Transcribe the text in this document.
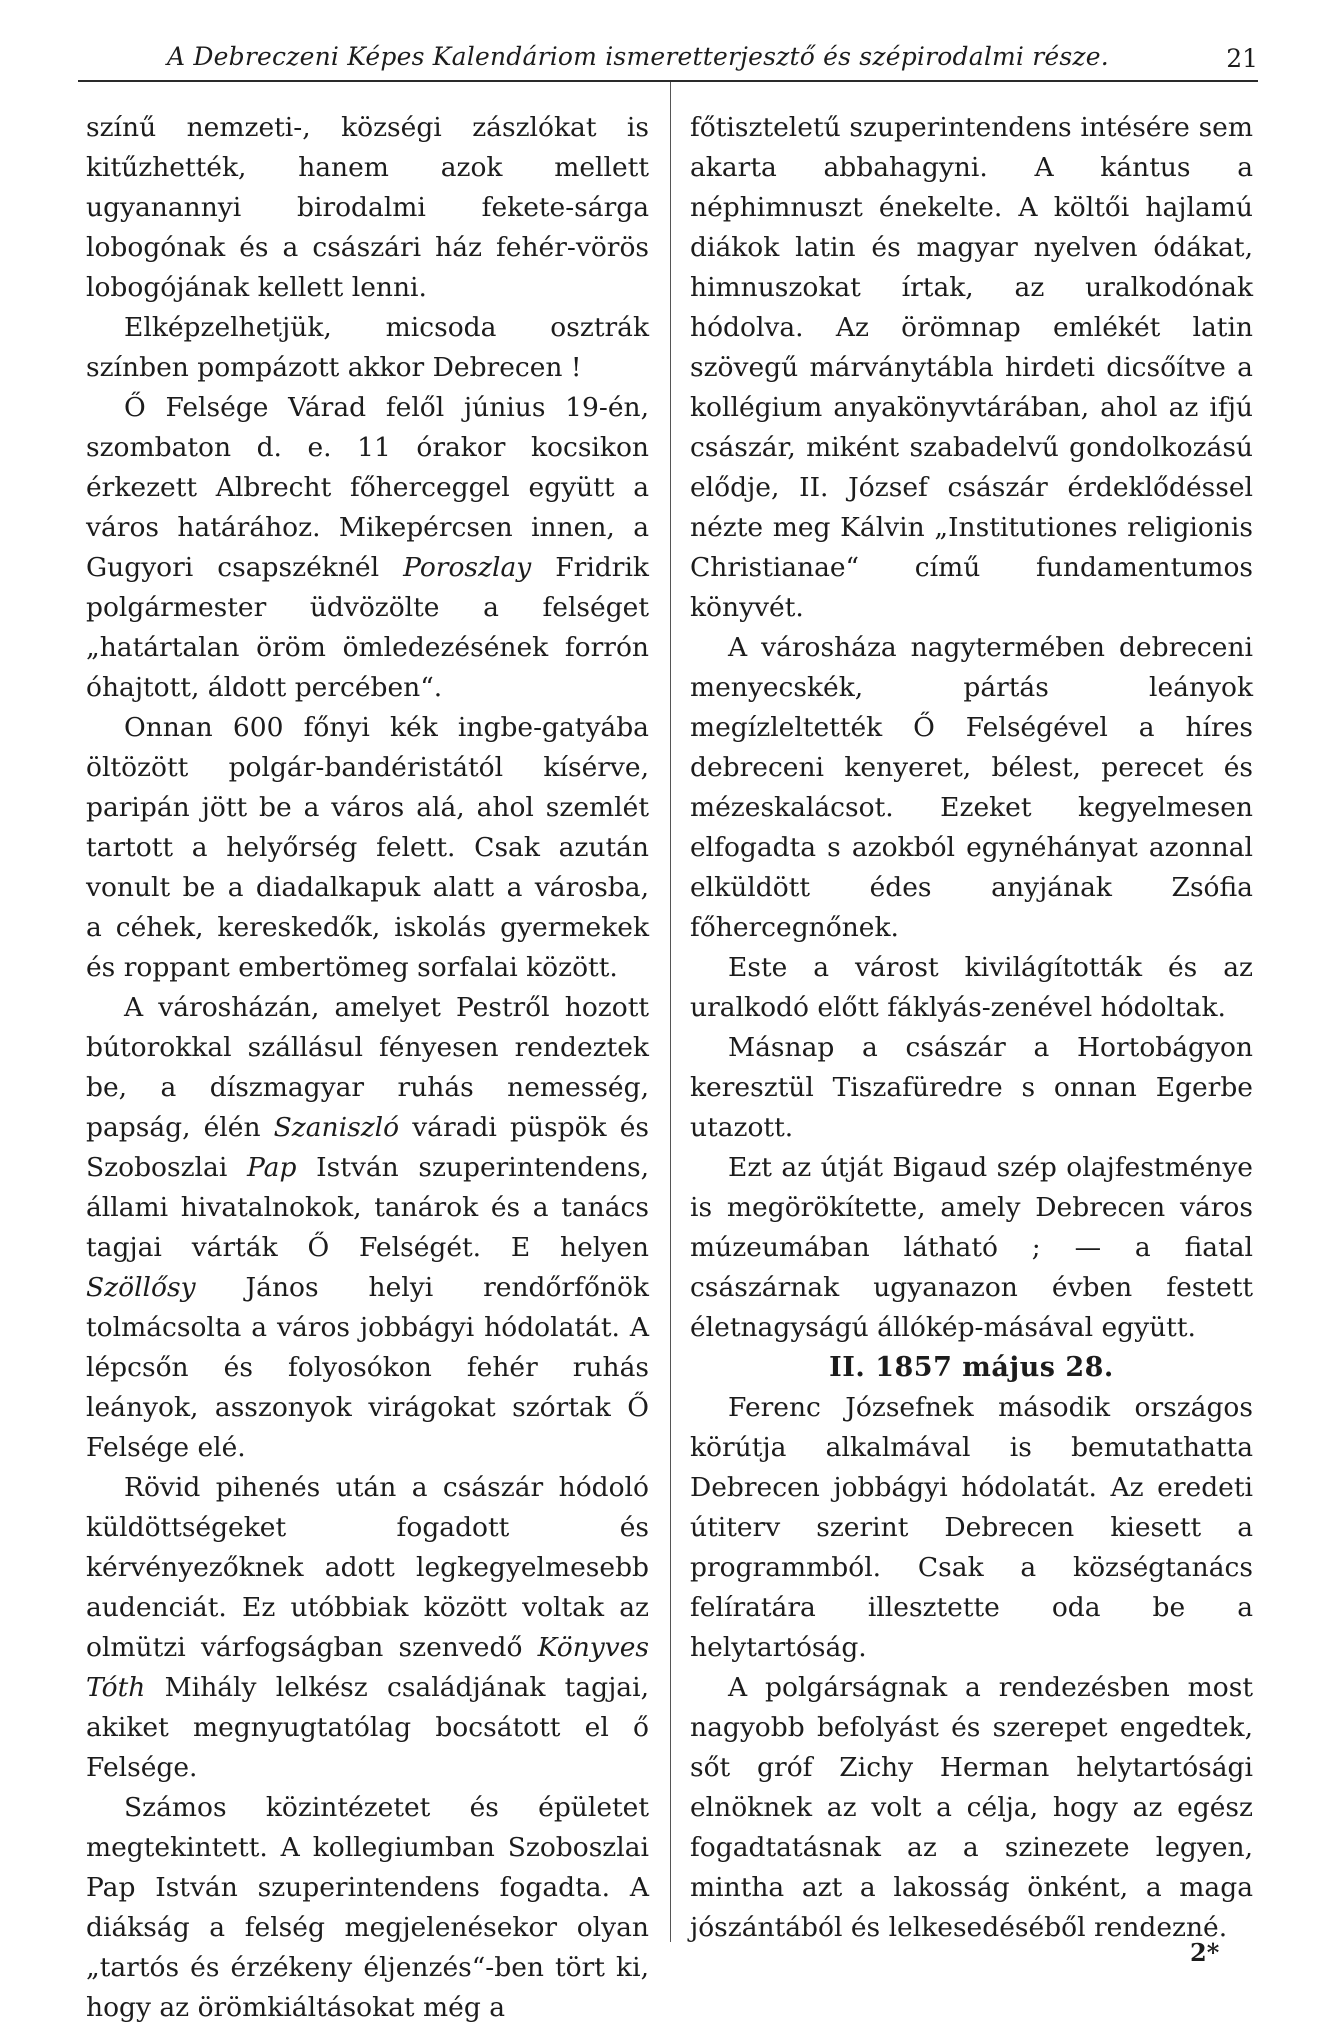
A Debreczeni Képes Kalendáriom ismeretterjesztő és szépirodalmi része.	21

színű nemzeti-, községi zászlókat is kitűzhették, hanem azok mellett ugyanannyi birodalmi fekete-sárga lobogónak és a császári ház fehér-vörös lobogójának kellett lenni.

Elképzelhetjük, micsoda osztrák színben pompázott akkor Debrecen !

Ő Felsége Várad felől június 19-én, szombaton d. e. 11 órakor kocsikon érkezett Albrecht főherceggel együtt a város határához. Mikepércsen innen, a Gugyori csapszéknél Poroszlay Fridrik polgármester üdvözölte a felséget „határtalan öröm ömledezésének forrón óhajtott, áldott percében“.

Onnan 600 főnyi kék ingbe-gatyába öltözött polgár-bandéristától kísérve, paripán jött be a város alá, ahol szemlét tartott a helyőrség felett. Csak azután vonult be a diadalkapuk alatt a városba, a céhek, kereskedők, iskolás gyermekek és roppant embertömeg sorfalai között.

A városházán, amelyet Pestről hozott bútorokkal szállásul fényesen rendeztek be, a díszmagyar ruhás nemesség, papság, élén Szaniszló váradi püspök és Szoboszlai Pap István szuperintendens, állami hivatalnokok, tanárok és a tanács tagjai várták Ő Felségét. E helyen Szöllősy János helyi rendőrfőnök tolmácsolta a város jobbágyi hódolatát. A lépcsőn és folyosókon fehér ruhás leányok, asszonyok virágokat szórtak Ő Felsége elé.

Rövid pihenés után a császár hódoló küldöttségeket fogadott és kérvényezőknek adott legkegyelmesebb audenciát. Ez utóbbiak között voltak az olmützi várfogságban szenvedő Könyves Tóth Mihály lelkész családjának tagjai, akiket megnyugtatólag bocsátott el ő Felsége.

Számos közintézetet és épületet megtekintett. A kollegiumban Szoboszlai Pap István szuperintendens fogadta. A diákság a felség megjelenésekor olyan „tartós és érzékeny éljenzés“-ben tört ki, hogy az örömkiáltásokat még a

főtiszteletű szuperintendens intésére sem akarta abbahagyni. A kántus a néphimnuszt énekelte. A költői hajlamú diákok latin és magyar nyelven ódákat, himnuszokat írtak, az uralkodónak hódolva. Az örömnap emlékét latin szövegű márványtábla hirdeti dicsőítve a kollégium anyakönyvtárában, ahol az ifjú császár, miként szabadelvű gondolkozású elődje, II. József császár érdeklődéssel nézte meg Kálvin „Institutiones religionis Christianae“ című fundamentumos könyvét.

A városháza nagytermében debreceni menyecskék, pártás leányok megízleltették Ő Felségével a híres debreceni kenyeret, bélest, perecet és mézeskalácsot. Ezeket kegyelmesen elfogadta s azokból egynéhányat azonnal elküldött édes anyjának Zsófia főhercegnőnek.

Este a várost kivilágították és az uralkodó előtt fáklyás-zenével hódoltak.

Másnap a császár a Hortobágyon keresztül Tiszafüredre s onnan Egerbe utazott.

Ezt az útját Bigaud szép olajfestménye is megörökítette, amely Debrecen város múzeumában látható ; — a fiatal császárnak ugyanazon évben festett életnagyságú állókép-másával együtt.

II. 1857 május 28.

Ferenc Józsefnek második országos körútja alkalmával is bemutathatta Debrecen jobbágyi hódolatát. Az eredeti útiterv szerint Debrecen kiesett a programmból. Csak a községtanács felíratára illesztette oda be a helytartóság.

A polgárságnak a rendezésben most nagyobb befolyást és szerepet engedtek, sőt gróf Zichy Herman helytartósági elnöknek az volt a célja, hogy az egész fogadtatásnak az a szinezete legyen, mintha azt a lakosság önként, a maga jószántából és lelkesedéséből rendezné.

2*
